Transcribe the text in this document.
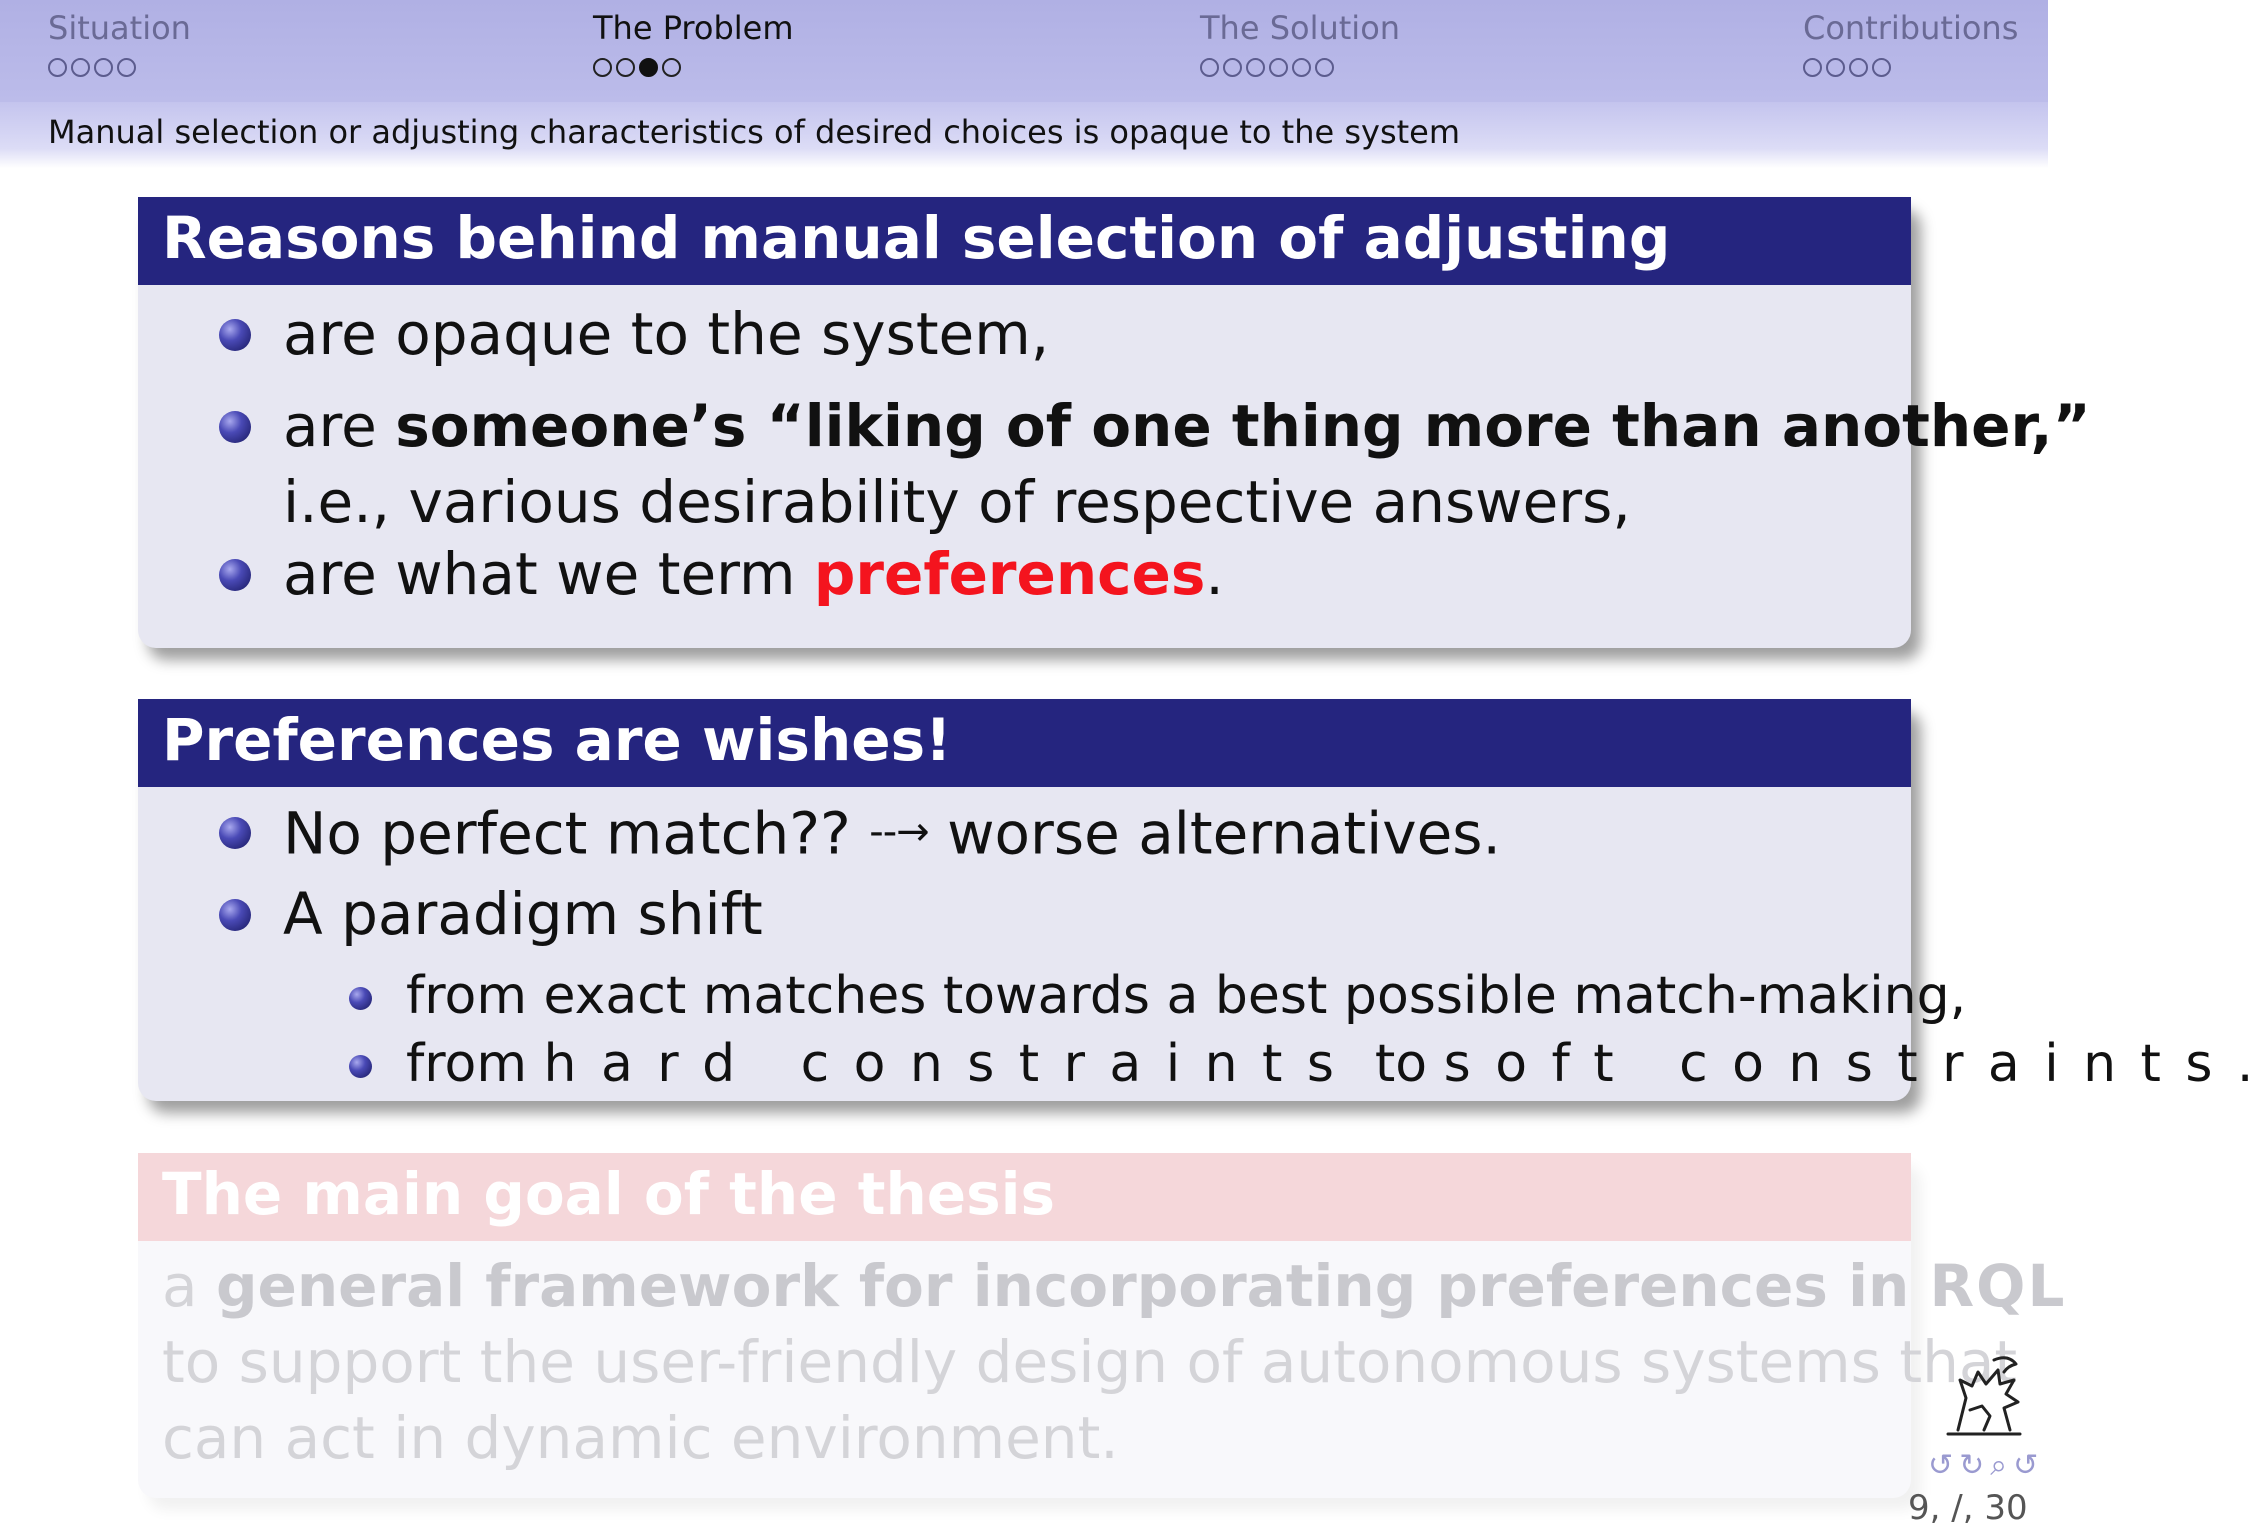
Situation	The Problem	The Solution	Contributions
Manual selection or adjusting characteristics of desired choices is opaque to the system
Reasons behind manual selection of adjusting
are opaque to the system,
are someone’s “liking of one thing more than another,”
i.e., various desirability of respective answers,
are what we term preferences.
Preferences are wishes!
No perfect match?? --→ worse alternatives.
A paradigm shift
from exact matches towards a best possible match-making,
from hard constraints to soft constraints.
The main goal of the thesis
a general framework for incorporating preferences in RQL
to support the user-friendly design of autonomous systems that
can act in dynamic environment.	↺↻⌕↺
9, /, 30
